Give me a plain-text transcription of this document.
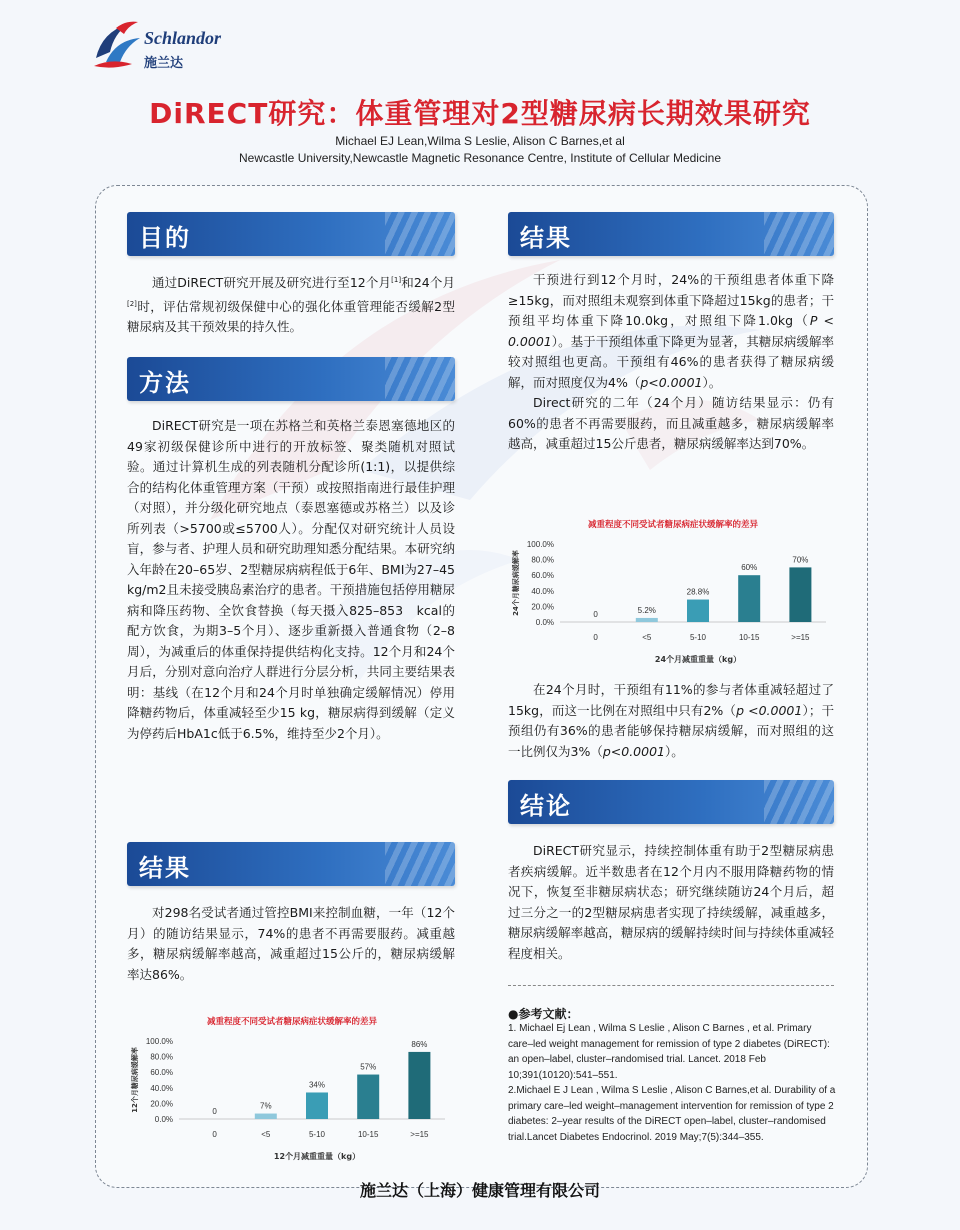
Schlandor
施兰达
DiRECT研究：体重管理对2型糖尿病长期效果研究
Michael EJ Lean,Wilma S Leslie, Alison C Barnes,et al
Newcastle University,Newcastle Magnetic Resonance Centre, Institute of Cellular Medicine
目的

通过DiRECT研究开展及研究进行至12个月[1]和24个月[2]时，评估常规初级保健中心的强化体重管理能否缓解2型糖尿病及其干预效果的持久性。

方法

DiRECT研究是一项在苏格兰和英格兰泰恩塞德地区的49家初级保健诊所中进行的开放标签、聚类随机对照试验。通过计算机生成的列表随机分配诊所(1:1)，以提供综合的结构化体重管理方案（干预）或按照指南进行最佳护理（对照），并分级化研究地点（泰恩塞德或苏格兰）以及诊所列表（>5700或≤5700人）。分配仅对研究统计人员设盲，参与者、护理人员和研究助理知悉分配结果。本研究纳入年龄在20–65岁、2型糖尿病病程低于6年、BMI为27–45 kg/m2且未接受胰岛素治疗的患者。干预措施包括停用糖尿病和降压药物、全饮食替换（每天摄入825–853　kcal的配方饮食，为期3–5个月）、逐步重新摄入普通食物（2–8周），为减重后的体重保持提供结构化支持。12个月和24个月后，分别对意向治疗人群进行分层分析，共同主要结果表明：基线（在12个月和24个月时单独确定缓解情况）停用降糖药物后，体重减轻至少15 kg，糖尿病得到缓解（定义为停药后HbA1c低于6.5%，维持至少2个月）。

结果

对298名受试者通过管控BMI来控制血糖，一年（12个月）的随访结果显示，74%的患者不再需要服药。减重越多，糖尿病缓解率越高，减重超过15公斤的，糖尿病缓解率达86%。

减重程度不同受试者糖尿病症状缓解率的差异
12个月糖尿病缓解率
0.0%
20.0%
40.0%
60.0%
80.0%
100.0%
0
0
7%
<5
34%
5-10
57%
10-15
86%
>=15
12个月减重重量（kg）
结果

干预进行到12个月时，24%的干预组患者体重下降≥15kg，而对照组未观察到体重下降超过15kg的患者；干预组平均体重下降10.0kg，对照组下降1.0kg（P < 0.0001）。基于干预组体重下降更为显著，其糖尿病缓解率较对照组也更高。干预组有46%的患者获得了糖尿病缓解，而对照度仅为4%（p<0.0001）。

Direct研究的二年（24个月）随访结果显示：仍有60%的患者不再需要服药，而且减重越多，糖尿病缓解率越高，减重超过15公斤患者，糖尿病缓解率达到70%。

减重程度不同受试者糖尿病症状缓解率的差异
24个月糖尿病缓解率
0.0%
20.0%
40.0%
60.0%
80.0%
100.0%
0
0
5.2%
<5
28.8%
5-10
60%
10-15
70%
>=15
24个月减重重量（kg）

在24个月时，干预组有11%的参与者体重减轻超过了15kg，而这一比例在对照组中只有2%（p <0.0001）；干预组仍有36%的患者能够保持糖尿病缓解，而对照组的这一比例仅为3%（p<0.0001）。

结论

DiRECT研究显示，持续控制体重有助于2型糖尿病患者疾病缓解。近半数患者在12个月内不服用降糖药物的情况下，恢复至非糖尿病状态；研究继续随访24个月后，超过三分之一的2型糖尿病患者实现了持续缓解，减重越多，糖尿病缓解率越高，糖尿病的缓解持续时间与持续体重减轻程度相关。

●参考文献：

1. Michael Ej Lean , Wilma S Leslie , Alison C Barnes , et al. Primary care–led weight management for remission of type 2 diabetes (DiRECT): an open–label, cluster–randomised trial. Lancet. 2018 Feb 10;391(10120):541–551.

2.Michael E J Lean , Wilma S Leslie , Alison C Barnes,et al. Durability of a primary care–led weight–management intervention for remission of type 2 diabetes: 2–year results of the DiRECT open–label, cluster–randomised trial.Lancet Diabetes Endocrinol. 2019 May;7(5):344–355.

施兰达（上海）健康管理有限公司
